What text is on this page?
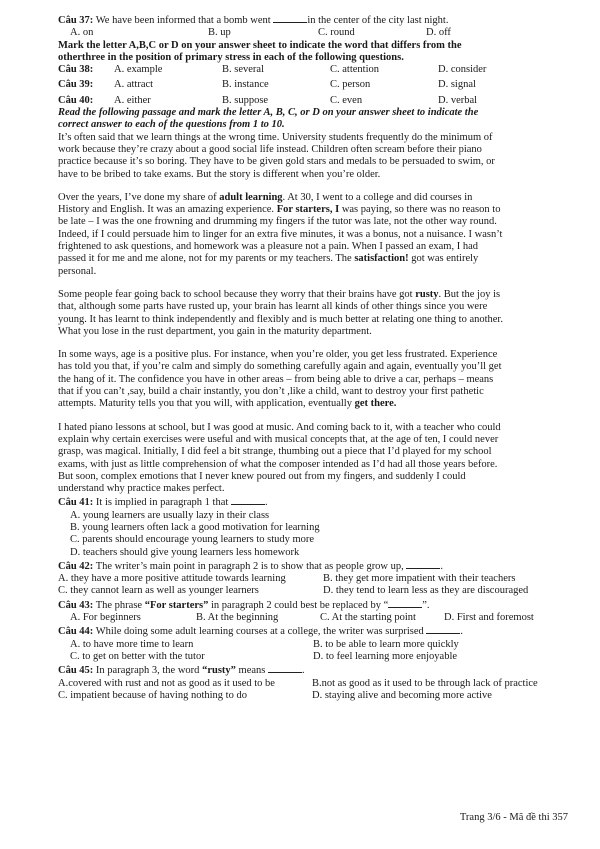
Câu 37: We have been informed that a bomb went	in the center of the city last night.
A. on	B. up	C. round	D. off
Mark the letter A,B,C or D on your answer sheet to indicate the word that differs from the
otherthree in the position of primary stress in each of the following questions.
Câu 38:	A. example	B. several	C. attention	D. consider
Câu 39:	A. attract	B. instance	C. person	D. signal
Câu 40:	A. either	B. suppose	C. even	D. verbal
Read the following passage and mark the letter A, B, C, or D on your answer sheet to indicate the
correct answer to each of the questions from 1 to 10.
It’s often said that we learn things at the wrong time. University students frequently do the minimum of
work because they’re crazy about a good social life instead. Children often scream before their piano
practice because it’s so boring. They have to be given gold stars and medals to be persuaded to swim, or
have to be bribed to take exams. But the story is different when you’re older.
Over the years, I’ve done my share of adult learning. At 30, I went to a college and did courses in
History and English. It was an amazing experience. For starters, I was paying, so there was no reason to
be late – I was the one frowning and drumming my fingers if the tutor was late, not the other way round.
Indeed, if I could persuade him to linger for an extra five minutes, it was a bonus, not a nuisance. I wasn’t
frightened to ask questions, and homework was a pleasure not a pain. When I passed an exam, I had
passed it for me and me alone, not for my parents or my teachers. The satisfaction! got was entirely
personal.
Some people fear going back to school because they worry that their brains have got rusty. But the joy is
that, although some parts have rusted up, your brain has learnt all kinds of other things since you were
young. It has learnt to think independently and flexibly and is much better at relating one thing to another.
What you lose in the rust department, you gain in the maturity department.
In some ways, age is a positive plus. For instance, when you’re older, you get less frustrated. Experience
has told you that, if you’re calm and simply do something carefully again and again, eventually you’ll get
the hang of it. The confidence you have in other areas – from being able to drive a car, perhaps – means
that if you can’t ,say, build a chair instantly, you don’t ,like a child, want to destroy your first pathetic
attempts. Maturity tells you that you will, with application, eventually get there.
I hated piano lessons at school, but I was good at music. And coming back to it, with a teacher who could
explain why certain exercises were useful and with musical concepts that, at the age of ten, I could never
grasp, was magical. Initially, I did feel a bit strange, thumbing out a piece that I’d played for my school
exams, with just as little comprehension of what the composer intended as I’d had all those years before.
But soon, complex emotions that I never knew poured out from my fingers, and suddenly I could
understand why practice makes perfect.
Câu 41: It is implied in paragraph 1 that	.
A. young learners are usually lazy in their class
B. young learners often lack a good motivation for learning
C. parents should encourage young learners to study more
D. teachers should give young learners less homework
Câu 42: The writer’s main point in paragraph 2 is to show that as people grow up,	.
A. they have a more positive attitude towards learning	B. they get more impatient with their teachers
C. they cannot learn as well as younger learners	D. they tend to learn less as they are discouraged
Câu 43: The phrase “For starters” in paragraph 2 could best be replaced by “	”.
A. For beginners	B. At the beginning	C. At the starting point	D. First and foremost
Câu 44: While doing some adult learning courses at a college, the writer was surprised	.
A. to have more time to learn	B. to be able to learn more quickly
C. to get on better with the tutor	D. to feel learning more enjoyable
Câu 45: In paragraph 3, the word “rusty” means	.
A.covered with rust and not as good as it used to be	B.not as good as it used to be through lack of practice
C. impatient because of having nothing to do	D. staying alive and becoming more active
Trang 3/6 - Mã đề thi 357
